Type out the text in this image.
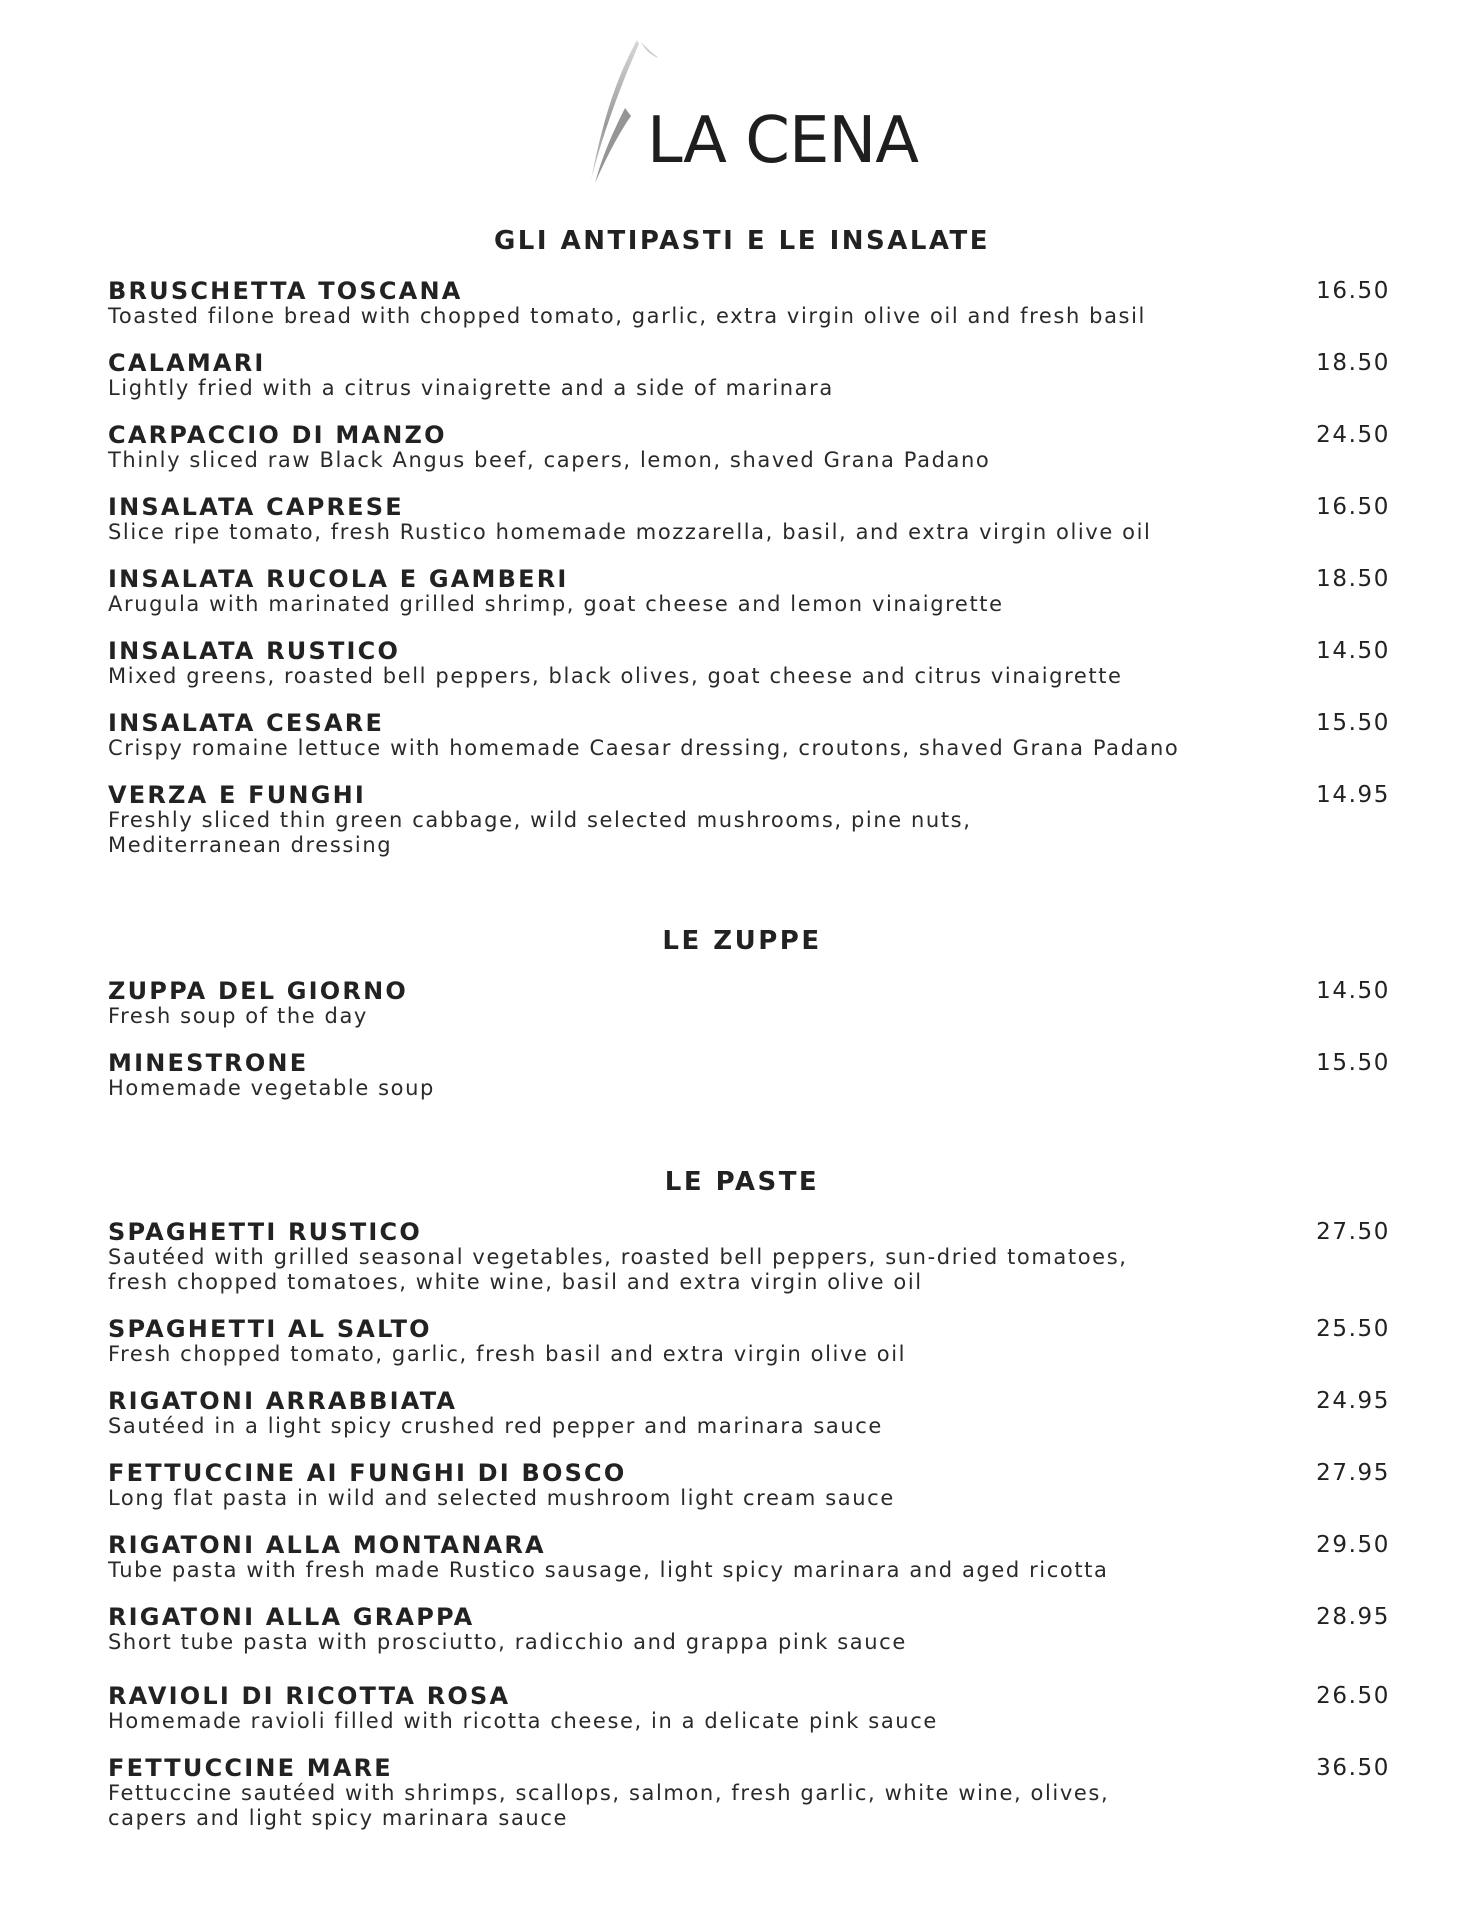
LA CENA
GLI ANTIPASTI E LE INSALATE
BRUSCHETTA TOSCANA
Toasted filone bread with chopped tomato, garlic, extra virgin olive oil and fresh basil
16.50
CALAMARI
Lightly fried with a citrus vinaigrette and a side of marinara
18.50
CARPACCIO DI MANZO
Thinly sliced raw Black Angus beef, capers, lemon, shaved Grana Padano
24.50
INSALATA CAPRESE
Slice ripe tomato, fresh Rustico homemade mozzarella, basil, and extra virgin olive oil
16.50
INSALATA RUCOLA E GAMBERI
Arugula with marinated grilled shrimp, goat cheese and lemon vinaigrette
18.50
INSALATA RUSTICO
Mixed greens, roasted bell peppers, black olives, goat cheese and citrus vinaigrette
14.50
INSALATA CESARE
Crispy romaine lettuce with homemade Caesar dressing, croutons, shaved Grana Padano
15.50
VERZA E FUNGHI
Freshly sliced thin green cabbage, wild selected mushrooms, pine nuts,
Mediterranean dressing
14.95
LE ZUPPE
ZUPPA DEL GIORNO
Fresh soup of the day
14.50
MINESTRONE
Homemade vegetable soup
15.50
LE PASTE
SPAGHETTI RUSTICO
Sautéed with grilled seasonal vegetables, roasted bell peppers, sun-dried tomatoes,
fresh chopped tomatoes, white wine, basil and extra virgin olive oil
27.50
SPAGHETTI AL SALTO
Fresh chopped tomato, garlic, fresh basil and extra virgin olive oil
25.50
RIGATONI ARRABBIATA
Sautéed in a light spicy crushed red pepper and marinara sauce
24.95
FETTUCCINE AI FUNGHI DI BOSCO
Long flat pasta in wild and selected mushroom light cream sauce
27.95
RIGATONI ALLA MONTANARA
Tube pasta with fresh made Rustico sausage, light spicy marinara and aged ricotta
29.50
RIGATONI ALLA GRAPPA
Short tube pasta with prosciutto, radicchio and grappa pink sauce
28.95
RAVIOLI DI RICOTTA ROSA
Homemade ravioli filled with ricotta cheese, in a delicate pink sauce
26.50
FETTUCCINE MARE
Fettuccine sautéed with shrimps, scallops, salmon, fresh garlic, white wine, olives,
capers and light spicy marinara sauce
36.50
